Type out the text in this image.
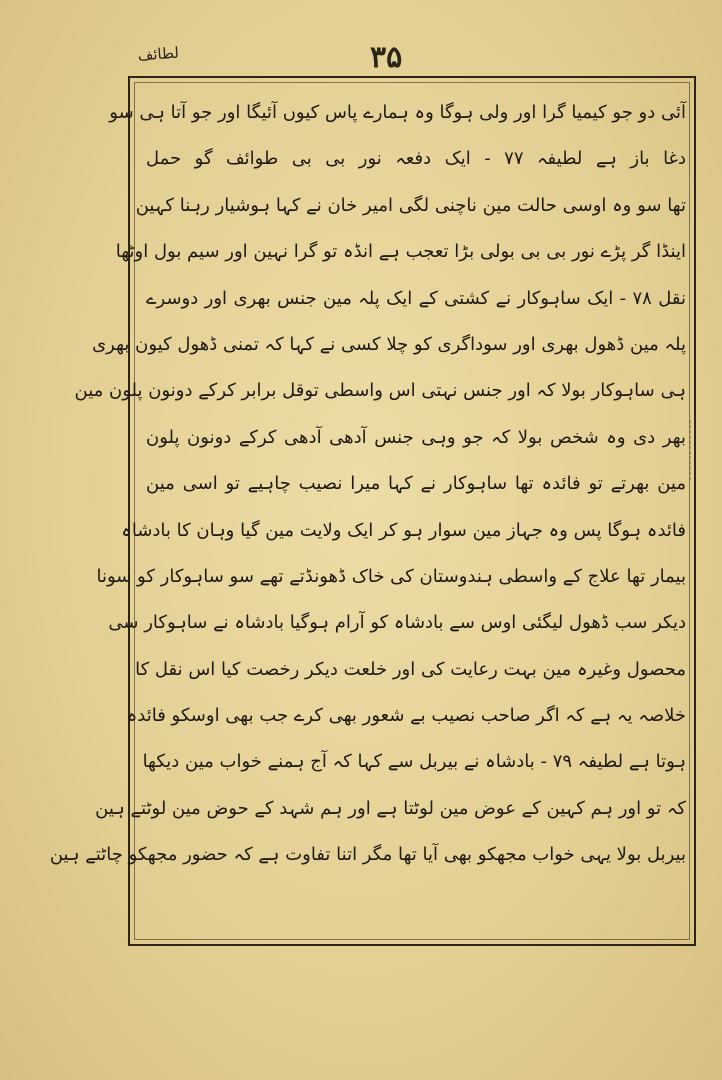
لطائف	۳۵
آئی دو جو کیمیا گرا اور ولی ہوگا وہ ہمارے پاس کیوں آئیگا اور جو آتا ہی سو
دغا باز ہے لطیفہ ۷۷ - ایک دفعہ نور بی بی طوائف گو حمل
تھا سو وہ اوسی حالت مین ناچنی لگی امیر خان نے کہا ہوشیار رہنا کہین
اینڈا گر پڑے نور بی بی بولی بڑا تعجب ہے انڈہ تو گرا نہین اور سیم بول اوٹھا
نقل ۷۸ - ایک ساہوکار نے کشتی کے ایک پلہ مین جنس بھری اور دوسرے
پلہ مین ڈھول بھری اور سوداگری کو چلا کسی نے کہا کہ تمنی ڈھول کیون بھری
ہی ساہوکار بولا کہ اور جنس نہتی اس واسطی توقل برابر کرکے دونون پلون مین
بھر دی وہ شخص بولا کہ جو وہی جنس آدھی آدھی کرکے دونون پلون
مین بھرتے تو فائدہ تھا ساہوکار نے کہا میرا نصیب چاہیے تو اسی مین
فائدہ ہوگا پس وہ جہاز مین سوار ہو کر ایک ولایت مین گیا وہان کا بادشاہ
بیمار تھا علاج کے واسطی ہندوستان کی خاک ڈھونڈتے تھے سو ساہوکار کو سونا
دیکر سب ڈھول لیگئی اوس سے بادشاہ کو آرام ہوگیا بادشاہ نے ساہوکار سی
محصول وغیرہ مین بہت رعایت کی اور خلعت دیکر رخصت کیا اس نقل کا
خلاصہ یہ ہے کہ اگر صاحب نصیب بے شعور بھی کرے جب بھی اوسکو فائدہ
ہوتا ہے لطیفہ ۷۹ - بادشاہ نے بیربل سے کہا کہ آج ہمنے خواب مین دیکھا
کہ تو اور ہم کہین کے عوض مین لوٹتا ہے اور ہم شہد کے حوض مین لوٹتے ہین
بیربل بولا یہی خواب مجھکو بھی آیا تھا مگر اتنا تفاوت ہے کہ حضور مجھکو چاٹتے ہین
